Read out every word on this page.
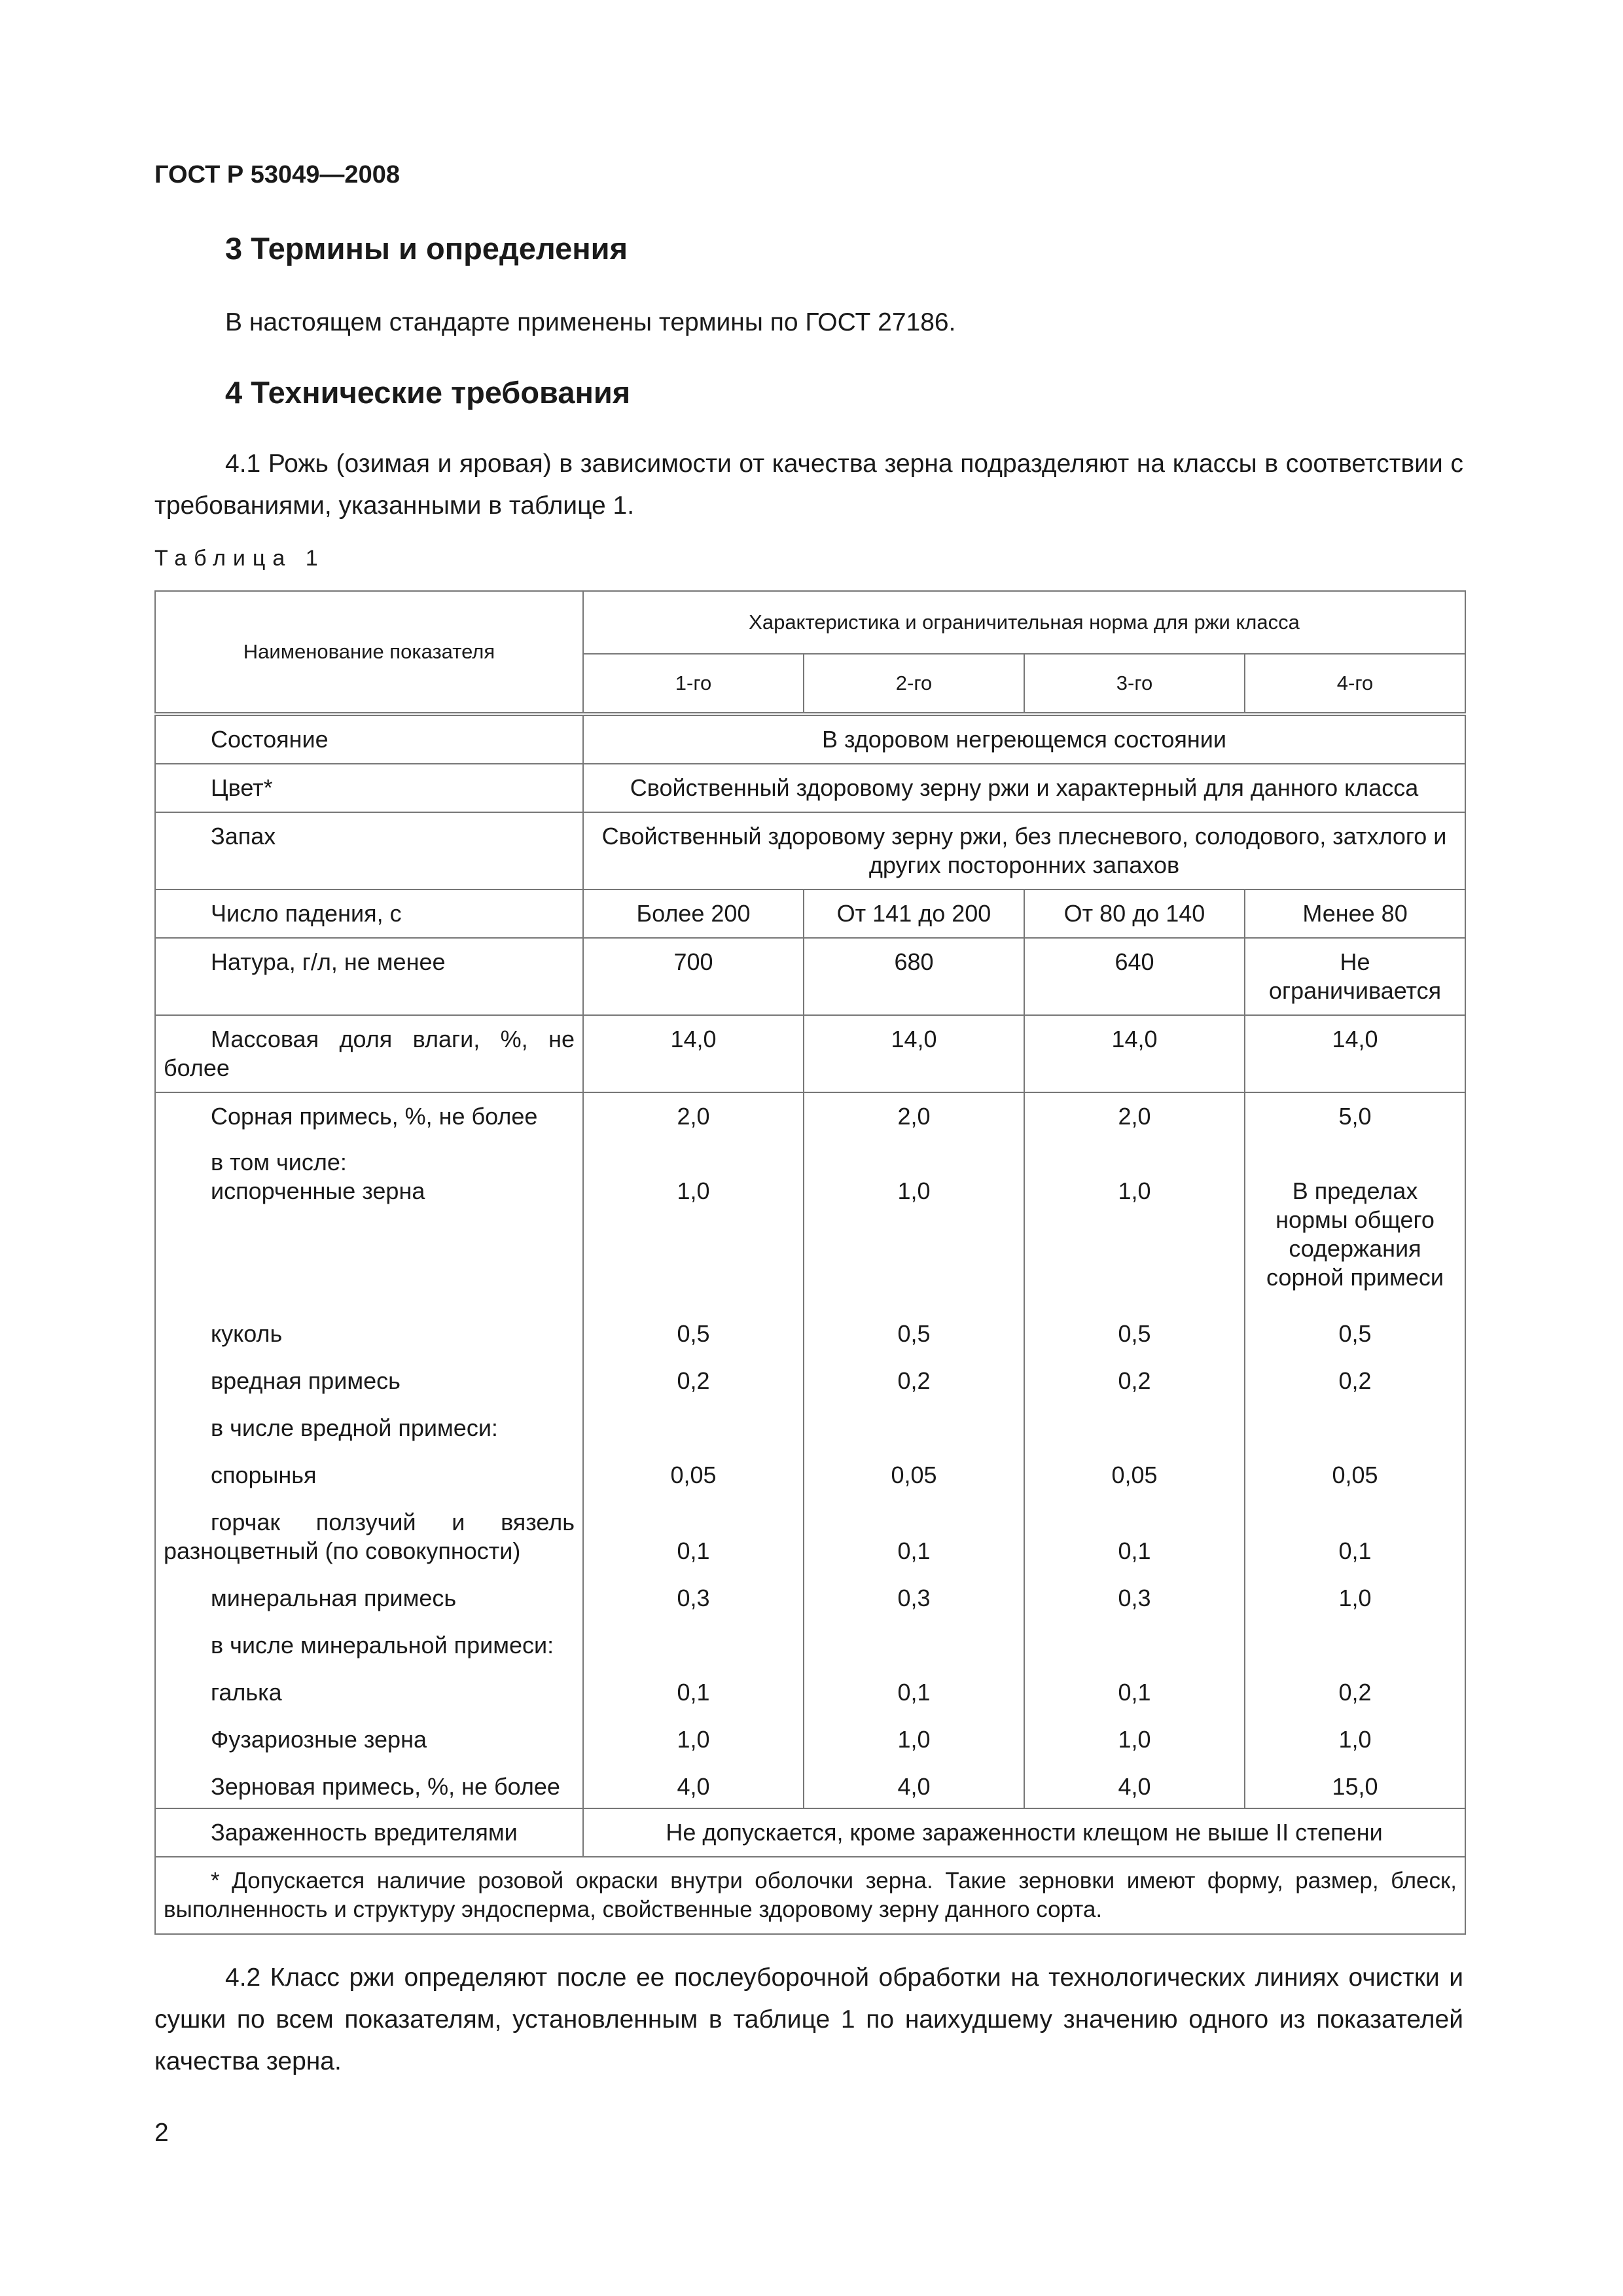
ГОСТ Р 53049—2008
3 Термины и определения
В настоящем стандарте применены термины по ГОСТ 27186.
4 Технические требования
4.1 Рожь (озимая и яровая) в зависимости от качества зерна подразделяют на классы в соответствии с требованиями, указанными в таблице 1.
Таблица 1
Наименование показателя	Характеристика и ограничительная норма для ржи класса			
	1-го	2-го	3-го	4-го
Состояние	В здоровом негреющемся состоянии			
Цвет*	Свойственный здоровому зерну ржи и характерный для данного класса			
Запах	Свойственный здоровому зерну ржи, без плесневого, солодового, затхлого и других посторонних запахов			
Число падения, с	Более 200	От 141 до 200	От 80 до 140	Менее 80
Натура, г/л, не менее	700	680	640	Не ограничивается
Массовая доля влаги, %, не более	14,0	14,0	14,0	14,0
Сорная примесь, %, не более	2,0	2,0	2,0	5,0

в том числе:
испорченные зерна	1,0	1,0	1,0	В пределах нормы общего содержания сорной примеси
куколь	0,5	0,5	0,5	0,5
вредная примесь	0,2	0,2	0,2	0,2
в числе вредной примеси:				
спорынья	0,05	0,05	0,05	0,05
горчак ползучий и вязель разноцветный (по совокупности)	0,1	0,1	0,1	0,1
минеральная примесь	0,3	0,3	0,3	1,0
в числе минеральной примеси:				
галька	0,1	0,1	0,1	0,2
Фузариозные зерна	1,0	1,0	1,0	1,0
Зерновая примесь, %, не более	4,0	4,0	4,0	15,0
Зараженность вредителями	Не допускается, кроме зараженности клещом не выше II степени			
* Допускается наличие розовой окраски внутри оболочки зерна. Такие зерновки имеют форму, размер, блеск, выполненность и структуру эндосперма, свойственные здоровому зерну данного сорта.				
4.2 Класс ржи определяют после ее послеуборочной обработки на технологических линиях очистки и сушки по всем показателям, установленным в таблице 1 по наихудшему значению одного из показателей качества зерна.
2
